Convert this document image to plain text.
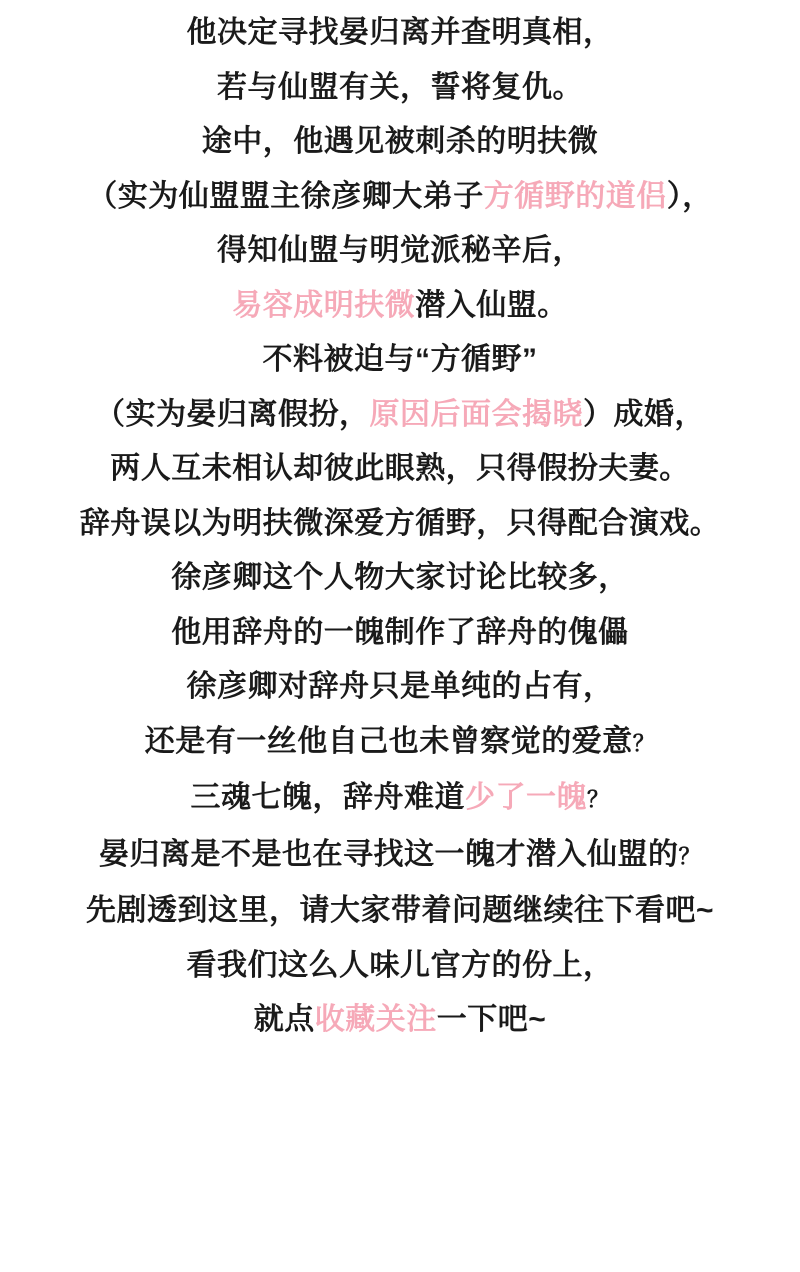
他决定寻找晏归离并查明真相，
若与仙盟有关，誓将复仇。
途中，他遇见被刺杀的明扶微
（实为仙盟盟主徐彦卿大弟子方循野的道侣），
得知仙盟与明觉派秘辛后，
易容成明扶微潜入仙盟。
不料被迫与“方循野”
（实为晏归离假扮，原因后面会揭晓）成婚，
两人互未相认却彼此眼熟，只得假扮夫妻。
辞舟误以为明扶微深爱方循野，只得配合演戏。
徐彦卿这个人物大家讨论比较多，
他用辞舟的一魄制作了辞舟的傀儡
徐彦卿对辞舟只是单纯的占有，
还是有一丝他自己也未曾察觉的爱意？
三魂七魄，辞舟难道少了一魄？
晏归离是不是也在寻找这一魄才潜入仙盟的？
先剧透到这里，请大家带着问题继续往下看吧~
看我们这么人味儿官方的份上，
就点收藏关注一下吧~
